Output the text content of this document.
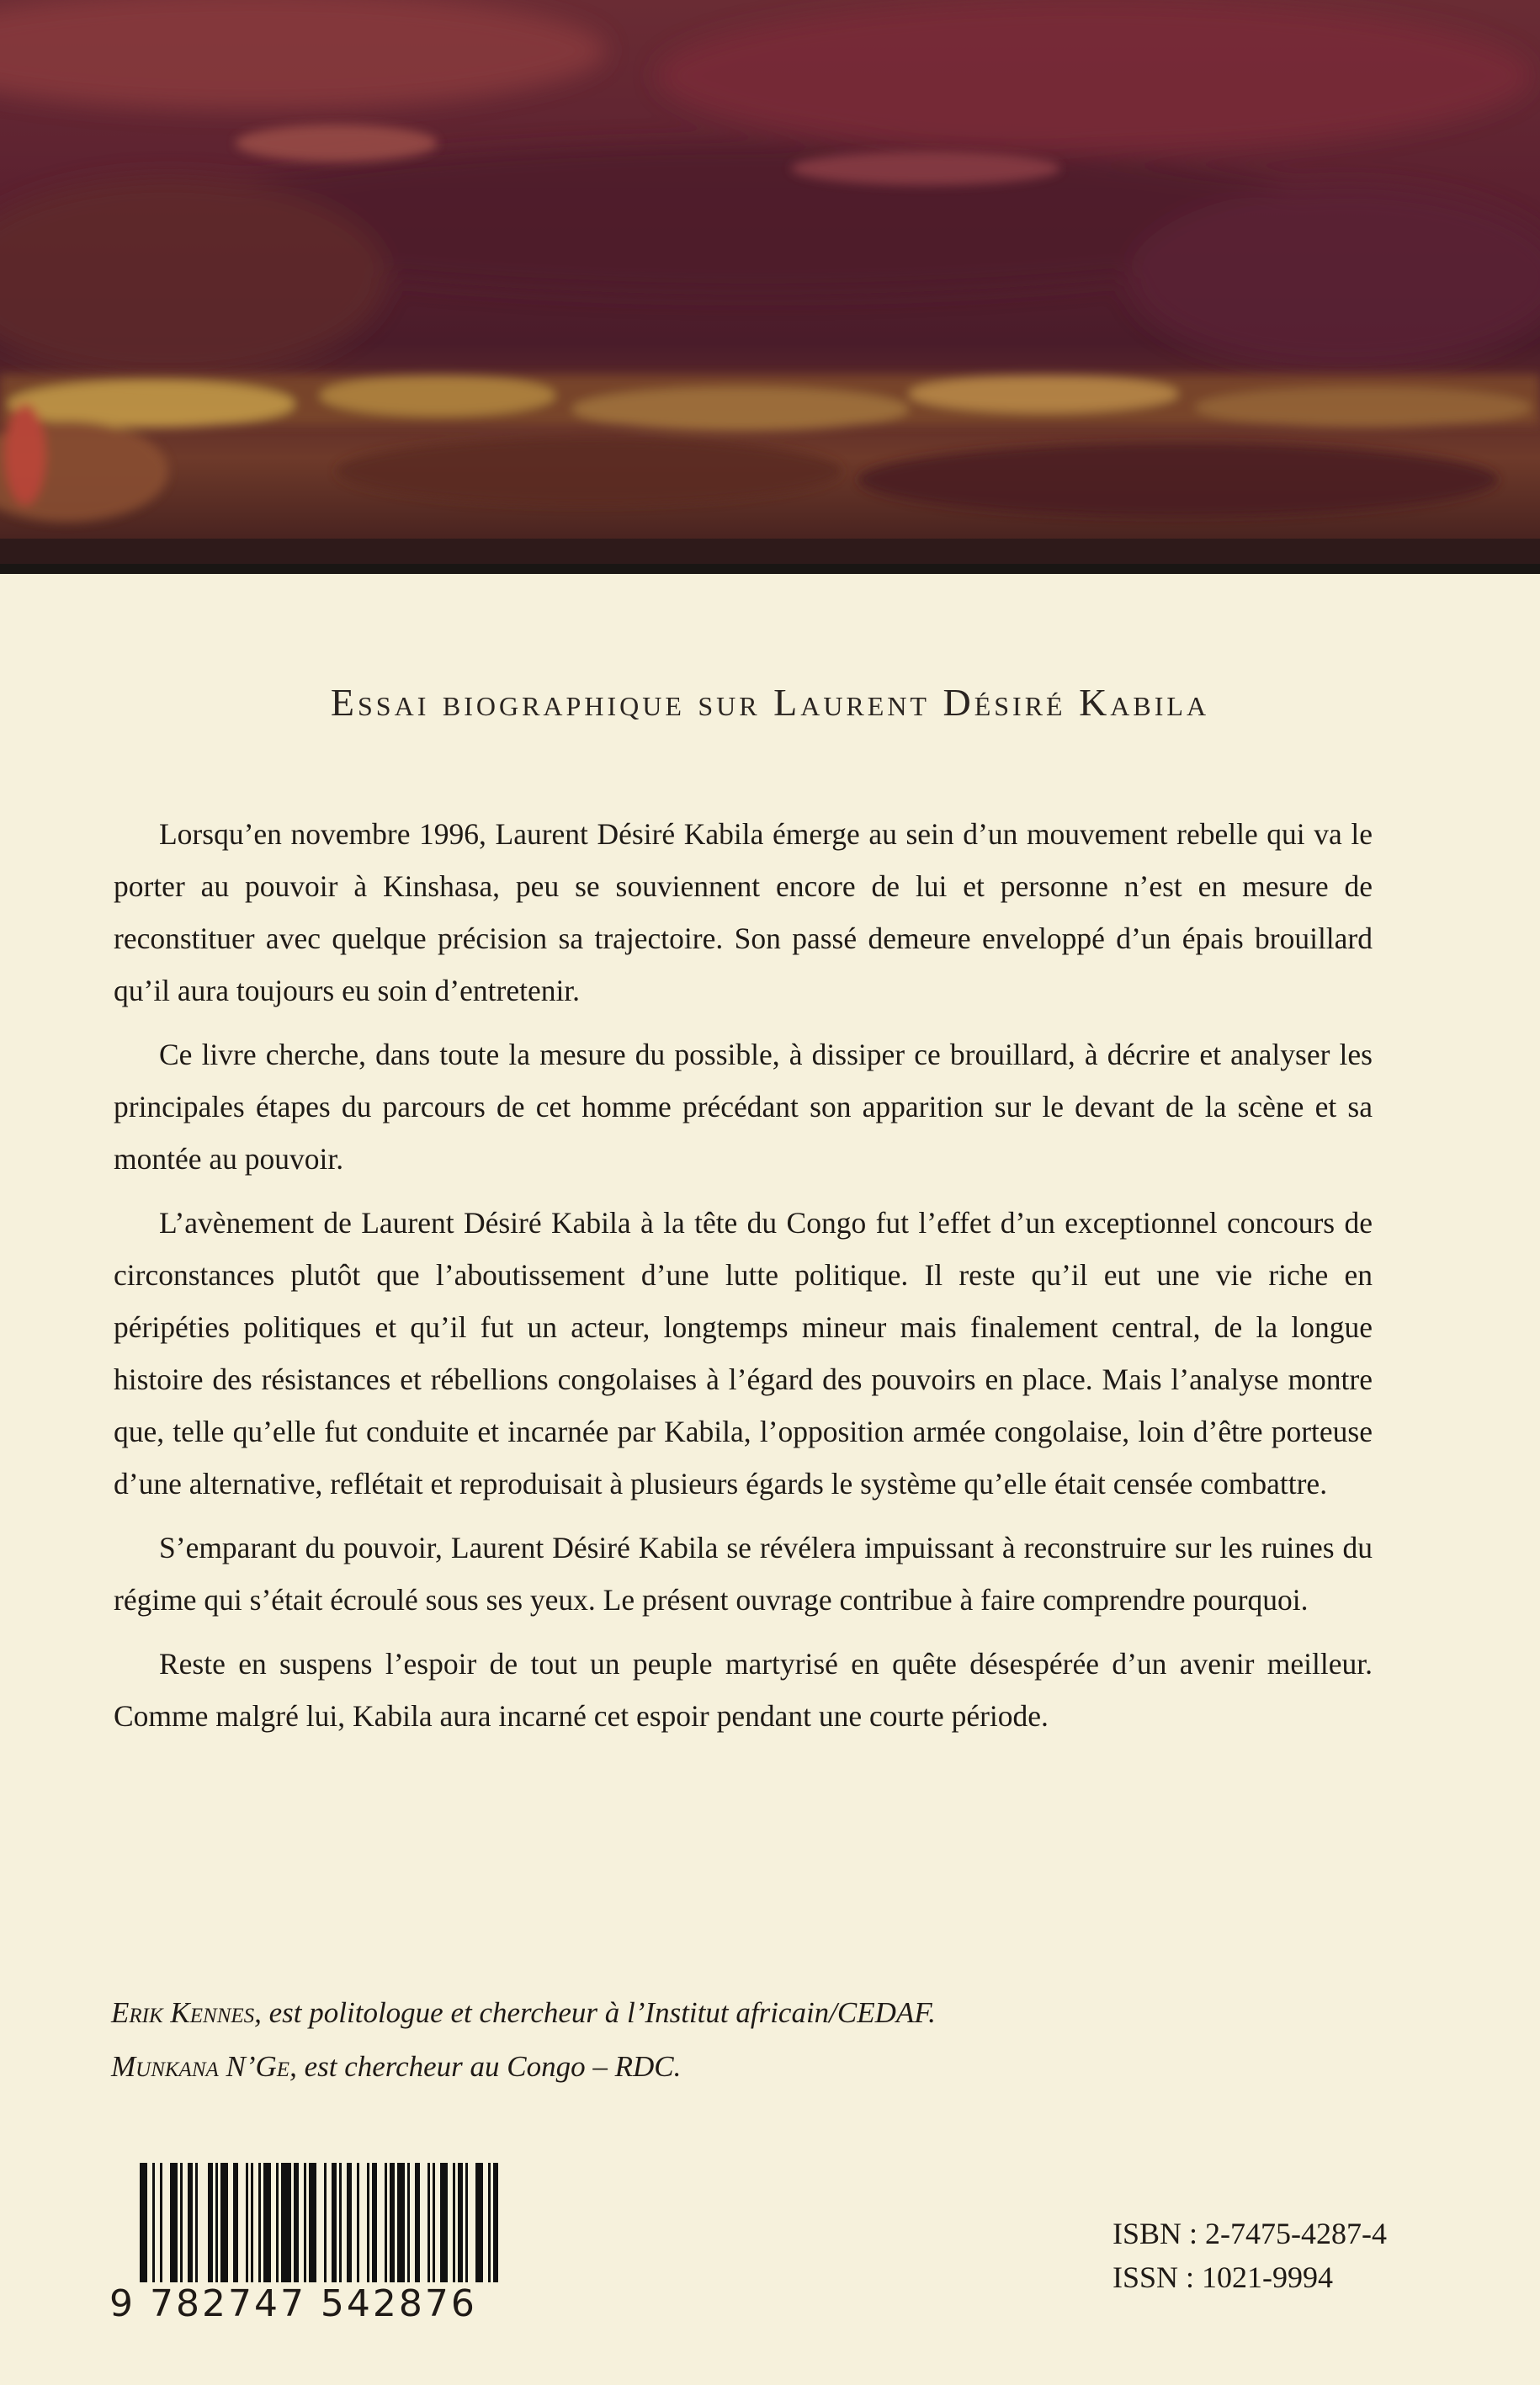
Essai biographique sur Laurent Désiré Kabila

Lorsqu’en novembre 1996, Laurent Désiré Kabila émerge au sein d’un mouvement rebelle qui va le porter au pouvoir à Kinshasa, peu se souviennent encore de lui et personne n’est en mesure de reconstituer avec quelque précision sa trajectoire. Son passé demeure enveloppé d’un épais brouillard qu’il aura toujours eu soin d’entretenir.

Ce livre cherche, dans toute la mesure du possible, à dissiper ce brouillard, à décrire et analyser les principales étapes du parcours de cet homme précédant son apparition sur le devant de la scène et sa montée au pouvoir.

L’avènement de Laurent Désiré Kabila à la tête du Congo fut l’effet d’un exceptionnel concours de circonstances plutôt que l’aboutissement d’une lutte politique. Il reste qu’il eut une vie riche en péripéties politiques et qu’il fut un acteur, longtemps mineur mais finalement central, de la longue histoire des résistances et rébellions congolaises à l’égard des pouvoirs en place. Mais l’analyse montre que, telle qu’elle fut conduite et incarnée par Kabila, l’opposition armée congolaise, loin d’être porteuse d’une alternative, reflétait et reproduisait à plusieurs égards le système qu’elle était censée combattre.

S’emparant du pouvoir, Laurent Désiré Kabila se révélera impuissant à reconstruire sur les ruines du régime qui s’était écroulé sous ses yeux. Le présent ouvrage contribue à faire comprendre pourquoi.

Reste en suspens l’espoir de tout un peuple martyrisé en quête désespérée d’un avenir meilleur. Comme malgré lui, Kabila aura incarné cet espoir pendant une courte période.

Erik Kennes, est politologue et chercheur à l’Institut africain/CEDAF.
Munkana N’Ge, est chercheur au Congo – RDC.
9 782747 542876
ISBN : 2-7475-4287-4
ISSN : 1021-9994
